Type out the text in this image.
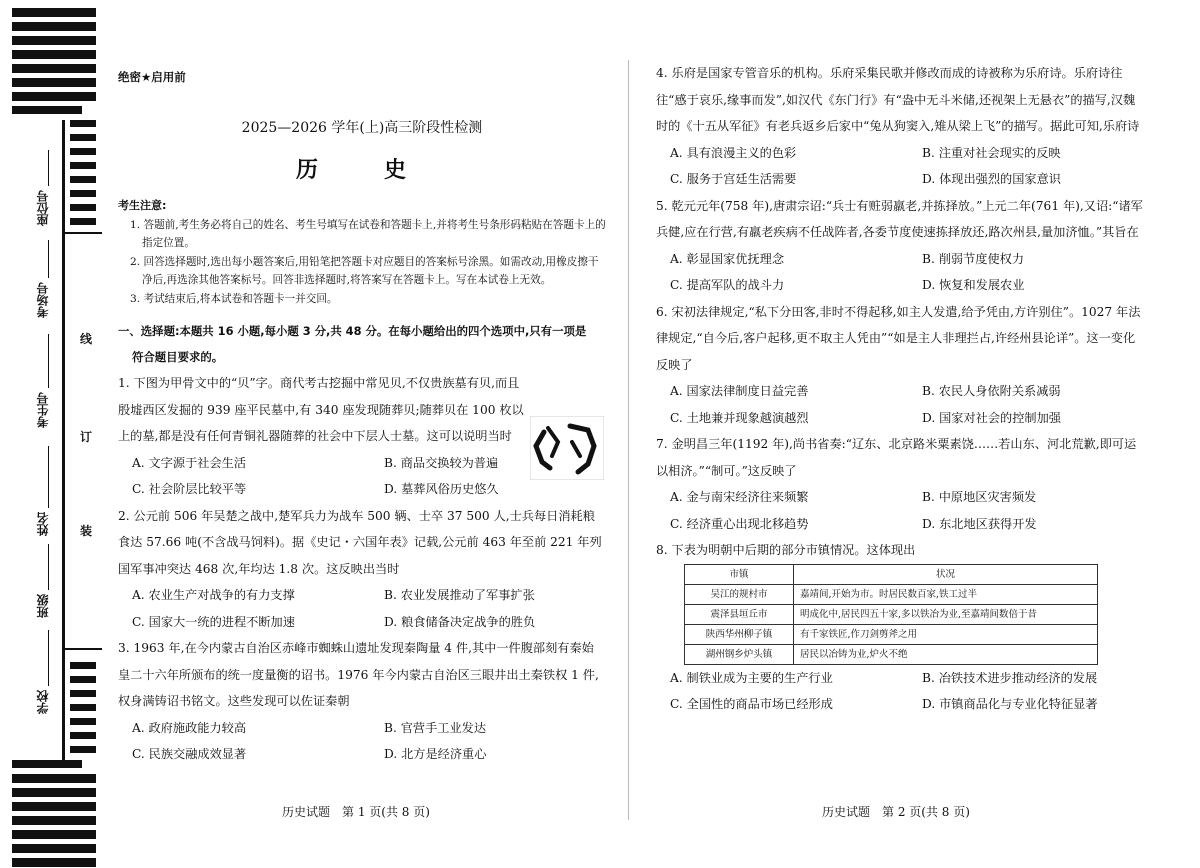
座位号
考场号
考生号
姓名
班级
学校
线
订
装
绝密★启用前
2025—2026 学年(上)高三阶段性检测
历　史
考生注意:
1. 答题前,考生务必将自己的姓名、考生号填写在试卷和答题卡上,并将考生号条形码粘贴在答题卡上的指定位置。
2. 回答选择题时,选出每小题答案后,用铅笔把答题卡对应题目的答案标号涂黑。如需改动,用橡皮擦干净后,再选涂其他答案标号。回答非选择题时,将答案写在答题卡上。写在本试卷上无效。
3. 考试结束后,将本试卷和答题卡一并交回。
一、选择题:本题共 16 小题,每小题 3 分,共 48 分。在每小题给出的四个选项中,只有一项是
符合题目要求的。
1. 下图为甲骨文中的“贝”字。商代考古挖掘中常见贝,不仅贵族墓有贝,而且殷墟西区发掘的 939 座平民墓中,有 340 座发现随葬贝;随葬贝在 100 枚以上的墓,都是没有任何青铜礼器随葬的社会中下层人士墓。这可以说明当时
A. 文字源于社会生活	B. 商品交换较为普遍
C. 社会阶层比较平等	D. 墓葬风俗历史悠久
2. 公元前 506 年吴楚之战中,楚军兵力为战车 500 辆、士卒 37 500 人,士兵每日消耗粮食达 57.66 吨(不含战马饲料)。据《史记・六国年表》记载,公元前 463 年至前 221 年列国军事冲突达 468 次,年均达 1.8 次。这反映出当时
A. 农业生产对战争的有力支撑	B. 农业发展推动了军事扩张
C. 国家大一统的进程不断加速	D. 粮食储备决定战争的胜负
3. 1963 年,在今内蒙古自治区赤峰市蜘蛛山遗址发现秦陶量 4 件,其中一件腹部刻有秦始皇二十六年所颁布的统一度量衡的诏书。1976 年今内蒙古自治区三眼井出土秦铁权 1 件,权身满铸诏书铭文。这些发现可以佐证秦朝
A. 政府施政能力较高	B. 官营手工业发达
C. 民族交融成效显著	D. 北方是经济重心
历史试题　第 1 页(共 8 页)
4. 乐府是国家专管音乐的机构。乐府采集民歌并修改而成的诗被称为乐府诗。乐府诗往往“感于哀乐,缘事而发”,如汉代《东门行》有“盎中无斗米储,还视架上无悬衣”的描写,汉魏时的《十五从军征》有老兵返乡后家中“兔从狗窦入,雉从梁上飞”的描写。据此可知,乐府诗
A. 具有浪漫主义的色彩	B. 注重对社会现实的反映
C. 服务于宫廷生活需要	D. 体现出强烈的国家意识
5. 乾元元年(758 年),唐肃宗诏:“兵士有赃弱羸老,并拣择放。”上元二年(761 年),又诏:“诸军兵健,应在行营,有羸老疾病不任战阵者,各委节度使速拣择放还,路次州县,量加济恤。”其旨在
A. 彰显国家优抚理念	B. 削弱节度使权力
C. 提高军队的战斗力	D. 恢复和发展农业
6. 宋初法律规定,“私下分田客,非时不得起移,如主人发遣,给予凭由,方许别住”。1027 年法律规定,“自今后,客户起移,更不取主人凭由”“如是主人非理拦占,许经州县论详”。这一变化反映了
A. 国家法律制度日益完善	B. 农民人身依附关系减弱
C. 土地兼并现象越演越烈	D. 国家对社会的控制加强
7. 金明昌三年(1192 年),尚书省奏:“辽东、北京路米粟素饶……若山东、河北荒歉,即可运以相济。”“制可。”这反映了
A. 金与南宋经济往来频繁	B. 中原地区灾害频发
C. 经济重心出现北移趋势	D. 东北地区获得开发
8. 下表为明朝中后期的部分市镇情况。这体现出
市镇	状况
吴江的规村市	嘉靖间,开始为市。时居民数百家,铁工过半
震泽县垣丘市	明成化中,居民四五十家,多以铁冶为业,至嘉靖间数倍于昔
陕西华州柳子镇	有千家铁匠,作刀剑剪斧之用
湖州钢乡炉头镇	居民以冶铸为业,炉火不绝
A. 制铁业成为主要的生产行业	B. 冶铁技术进步推动经济的发展
C. 全国性的商品市场已经形成	D. 市镇商品化与专业化特征显著
历史试题　第 2 页(共 8 页)
